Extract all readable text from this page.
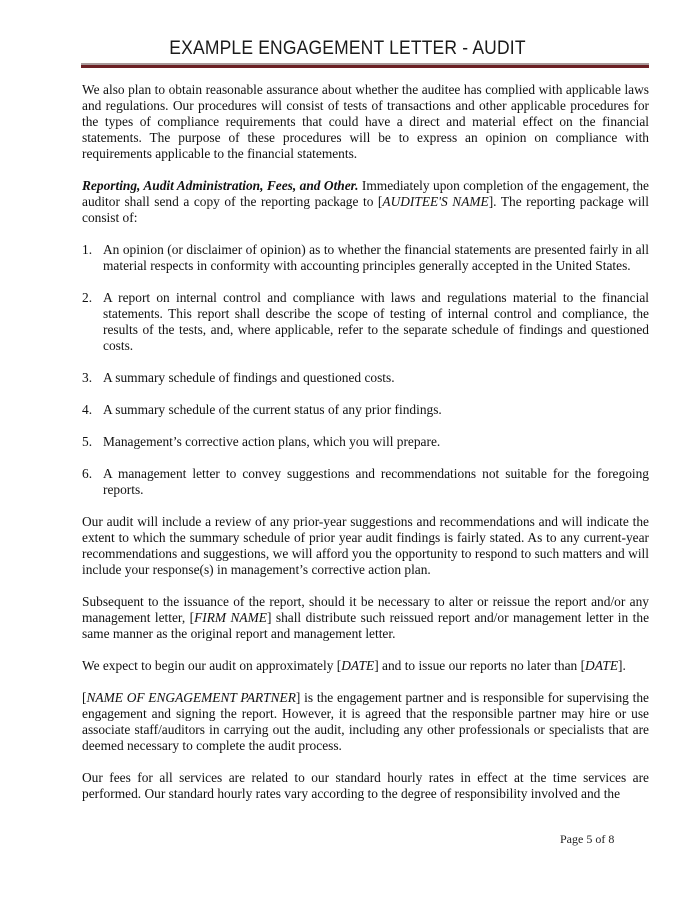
EXAMPLE ENGAGEMENT LETTER - AUDIT

We also plan to obtain reasonable assurance about whether the auditee has complied with applicable laws and regulations. Our procedures will consist of tests of transactions and other applicable procedures for the types of compliance requirements that could have a direct and material effect on the financial statements. The purpose of these procedures will be to express an opinion on compliance with requirements applicable to the financial statements.

Reporting, Audit Administration, Fees, and Other. Immediately upon completion of the engagement, the auditor shall send a copy of the reporting package to [AUDITEE'S NAME]. The reporting package will consist of:

1. An opinion (or disclaimer of opinion) as to whether the financial statements are presented fairly in all material respects in conformity with accounting principles generally accepted in the United States.
2. A report on internal control and compliance with laws and regulations material to the financial statements. This report shall describe the scope of testing of internal control and compliance, the results of the tests, and, where applicable, refer to the separate schedule of findings and questioned costs.
3. A summary schedule of findings and questioned costs.
4. A summary schedule of the current status of any prior findings.
5. Management’s corrective action plans, which you will prepare.
6. A management letter to convey suggestions and recommendations not suitable for the foregoing reports.

Our audit will include a review of any prior-year suggestions and recommendations and will indicate the extent to which the summary schedule of prior year audit findings is fairly stated. As to any current-year recommendations and suggestions, we will afford you the opportunity to respond to such matters and will include your response(s) in management’s corrective action plan.

Subsequent to the issuance of the report, should it be necessary to alter or reissue the report and/or any management letter, [FIRM NAME] shall distribute such reissued report and/or management letter in the same manner as the original report and management letter.

We expect to begin our audit on approximately [DATE] and to issue our reports no later than [DATE].

[NAME OF ENGAGEMENT PARTNER] is the engagement partner and is responsible for supervising the engagement and signing the report. However, it is agreed that the responsible partner may hire or use associate staff/auditors in carrying out the audit, including any other professionals or specialists that are deemed necessary to complete the audit process.

Our fees for all services are related to our standard hourly rates in effect at the time services are performed. Our standard hourly rates vary according to the degree of responsibility involved and the

Page 5 of 8
